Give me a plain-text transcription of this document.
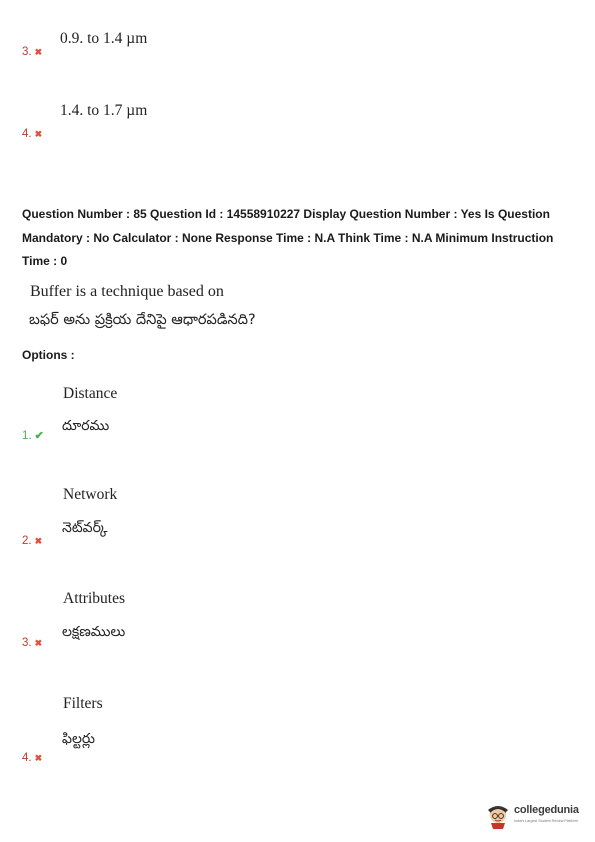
0.9. to 1.4 µm
3. ✖
1.4. to 1.7 µm
4. ✖
Question Number : 85 Question Id : 14558910227 Display Question Number : Yes Is Question
Mandatory : No Calculator : None Response Time : N.A Think Time : N.A Minimum Instruction
Time : 0
Buffer is a technique based on
బఫర్ అను ప్రక్రియ దేనిపై ఆధారపడినది?
Options :
Distance
దూరము
1. ✔
Network
నెట్‌వర్క్
2. ✖
Attributes
లక్షణములు
3. ✖
Filters
ఫిల్టర్లు
4. ✖
collegedunia
India's Largest Student Review Platform
